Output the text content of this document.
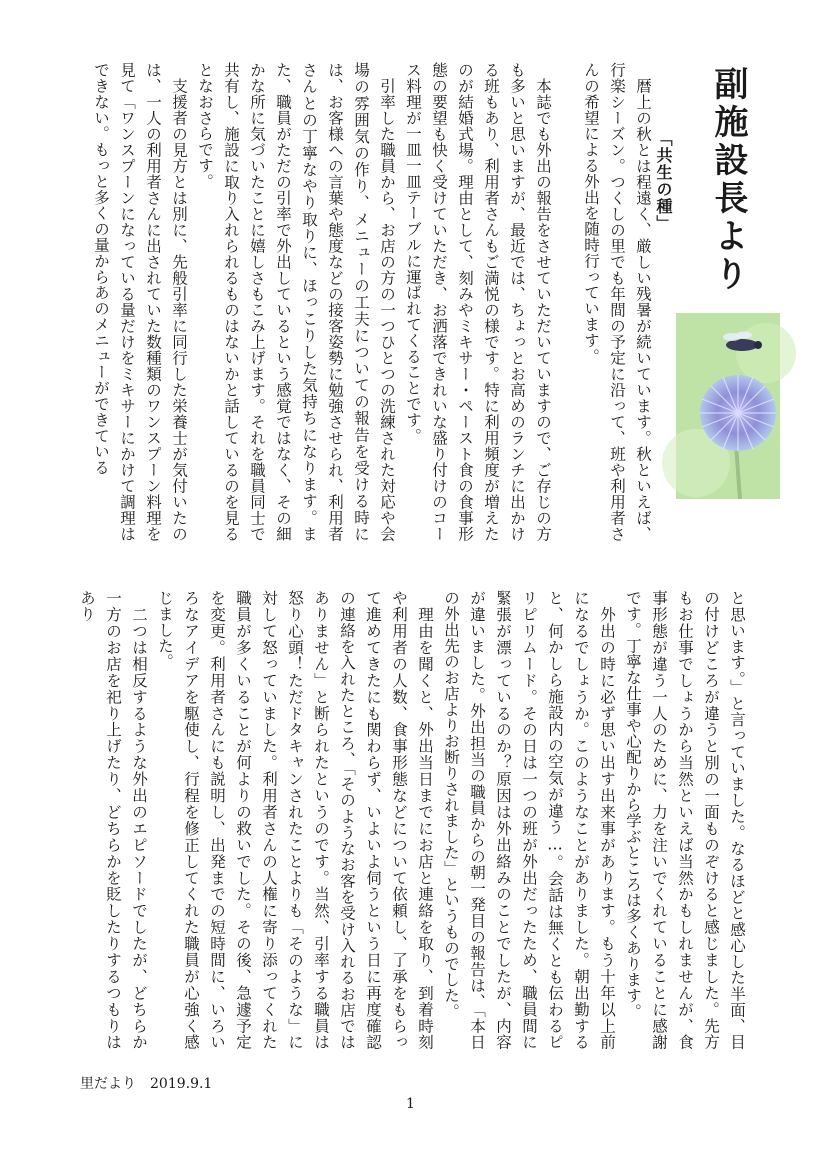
副施設長より
「共生の種」
　暦上の秋とは程遠く、厳しい残暑が続いています。秋といえば、行楽シーズン。つくしの里でも年間の予定に沿って、班や利用者さんの希望による外出を随時行っています。
　本誌でも外出の報告をさせていただいていますので、ご存じの方も多いと思いますが、最近では、ちょっとお高めのランチに出かける班もあり、利用者さんもご満悦の様です。特に利用頻度が増えたのが結婚式場。理由として、刻みやミキサー・ペースト食の食事形態の要望も快く受けていただき、お洒落できれいな盛り付けのコース料理が一皿一皿テーブルに運ばれてくることです。
　引率した職員から、お店の方の一つひとつの洗練された対応や会場の雰囲気の作り、メニューの工夫についての報告を受ける時には、お客様への言葉や態度などの接客姿勢に勉強させられ、利用者さんとの丁寧なやり取りに、ほっこりした気持ちになります。また、職員がただの引率で外出しているという感覚ではなく、その細かな所に気づいたことに嬉しさもこみ上げます。それを職員同士で共有し、施設に取り入れられるものはないかと話しているのを見るとなおさらです。
　支援者の見方とは別に、先般引率に同行した栄養士が気付いたのは、一人の利用者さんに出されていた数種類のワンスプーン料理を見て「ワンスプーンになっている量だけをミキサーにかけて調理はできない。もっと多くの量からあのメニューができている
と思います。」と言っていました。なるほどと感心した半面、目の付けどころが違うと別の一面ものぞけると感じました。先方もお仕事でしょうから当然といえば当然かもしれませんが、食事形態が違う一人のために、力を注いでくれていることに感謝です。丁寧な仕事や心配りから学ぶところは多くあります。
　外出の時に必ず思い出す出来事があります。もう十年以上前になるでしょうか。このようなことがありました。朝出勤すると、何かしら施設内の空気が違う…。会話は無くとも伝わるピリピリムード。その日は一つの班が外出だったため、職員間に緊張が漂っているのか？原因は外出絡みのことでしたが、内容が違いました。外出担当の職員からの朝一発目の報告は、「本日の外出先のお店よりお断りされました」というものでした。
　理由を聞くと、外出当日までにお店と連絡を取り、到着時刻や利用者の人数、食事形態などについて依頼し、了承をもらって進めてきたにも関わらず、いよいよ伺うという日に再度確認の連絡を入れたところ、「そのようなお客を受け入れるお店ではありません」と断られたというのです。当然、引率する職員は怒り心頭！ただドタキャンされたことよりも「そのような」に対して怒っていました。利用者さんの人権に寄り添ってくれた職員が多くいることが何よりの救いでした。その後、急遽予定を変更。利用者さんにも説明し、出発までの短時間に、いろいろなアイデアを駆使し、行程を修正してくれた職員が心強く感じました。
　二つは相反するような外出のエピソードでしたが、どちらか一方のお店を祀り上げたり、どちらかを貶したりするつもりはあり
里だより　2019.9.1
1
